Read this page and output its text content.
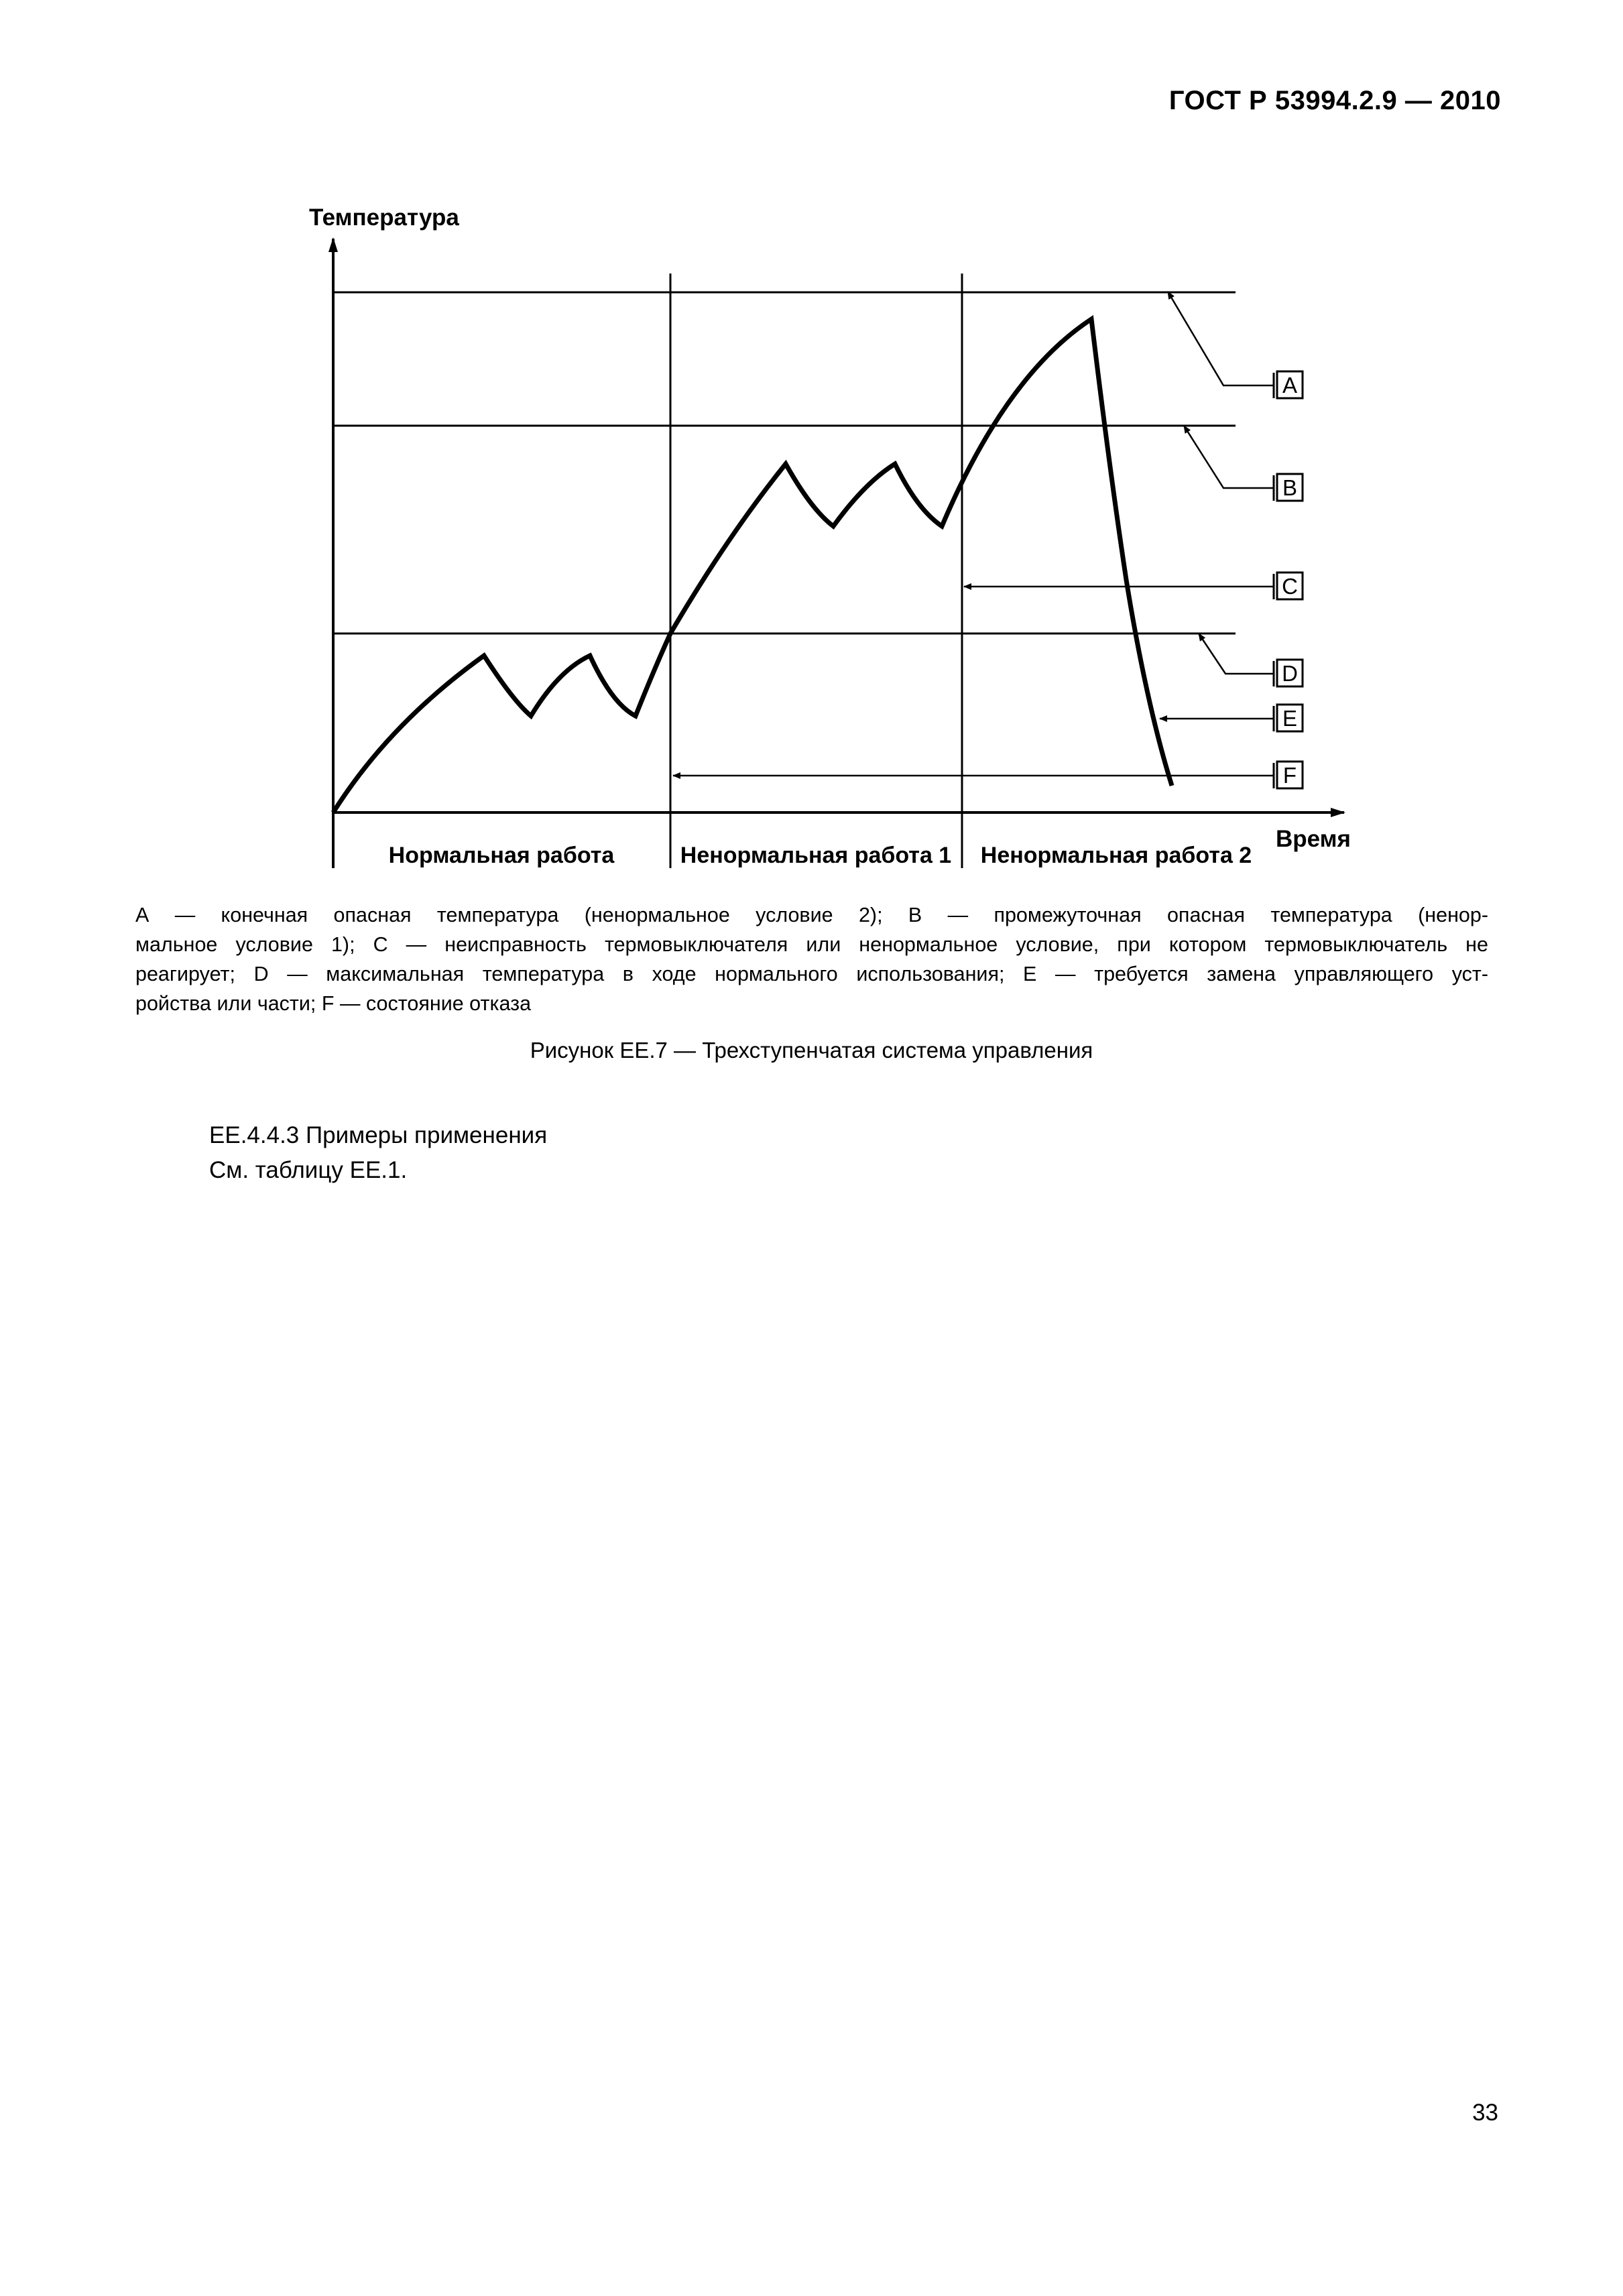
ГОСТ Р 53994.2.9 — 2010
A
B
C
D
E
F
Температура
Время
Нормальная работа	Ненормальная работа 1 Ненормальная работа 2
А — конечная опасная температура (ненормальное условие 2); В — промежуточная опасная температура (ненор-
мальное условие 1); С — неисправность термовыключателя или ненормальное условие, при котором термовыключатель не
реагирует; D — максимальная температура в ходе нормального использования; Е — требуется замена управляющего уст-
ройства или части; F — состояние отказа
Рисунок ЕЕ.7 — Трехступенчатая система управления
ЕЕ.4.4.3 Примеры применения
См. таблицу ЕЕ.1.
33
